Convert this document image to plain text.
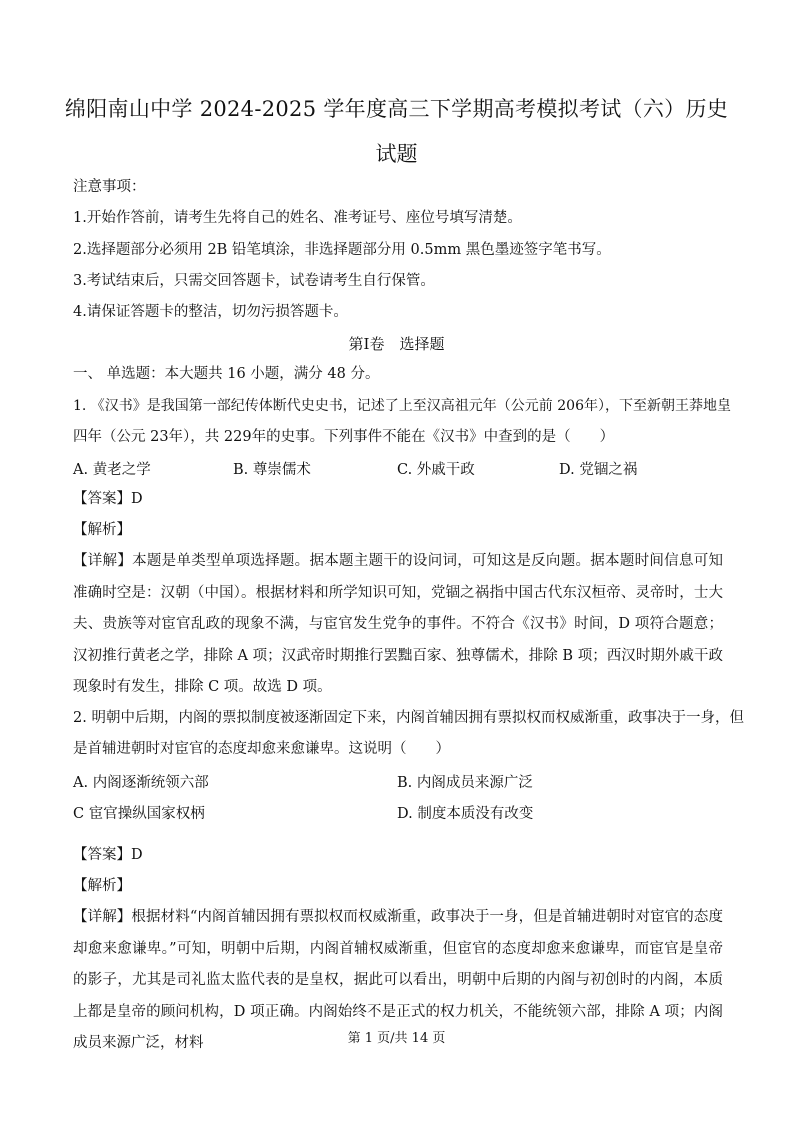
绵阳南山中学 2024-2025 学年度高三下学期高考模拟考试（六）历史
试题
注意事项：
1.开始作答前，请考生先将自己的姓名、准考证号、座位号填写清楚。
2.选择题部分必须用 2B 铅笔填涂，非选择题部分用 0.5mm 黑色墨迹签字笔书写。
3.考试结束后，只需交回答题卡，试卷请考生自行保管。
4.请保证答题卡的整洁，切勿污损答题卡。
第Ⅰ卷　选择题
一、 单选题：本大题共 16 小题，满分 48 分。
1. 《汉书》是我国第一部纪传体断代史史书，记述了上至汉高祖元年（公元前 206年），下至新朝王莽地皇
四年（公元 23年），共 229年的史事。下列事件不能在《汉书》中查到的是（　　）
A. 黄老之学	B. 尊崇儒术	C. 外戚干政	D. 党锢之祸
【答案】D
【解析】
【详解】本题是单类型单项选择题。据本题主题干的设问词，可知这是反向题。据本题时间信息可知准确时空是：汉朝（中国）。根据材料和所学知识可知，党锢之祸指中国古代东汉桓帝、灵帝时，士大夫、贵族等对宦官乱政的现象不满，与宦官发生党争的事件。不符合《汉书》时间，D 项符合题意；汉初推行黄老之学，排除 A 项；汉武帝时期推行罢黜百家、独尊儒术，排除 B 项；西汉时期外戚干政现象时有发生，排除 C 项。故选 D 项。
2. 明朝中后期，内阁的票拟制度被逐渐固定下来，内阁首辅因拥有票拟权而权威渐重，政事决于一身，但
是首辅进朝时对宦官的态度却愈来愈谦卑。这说明（　　）
A. 内阁逐渐统领六部	B. 内阁成员来源广泛
C 宦官操纵国家权柄	D. 制度本质没有改变
【答案】D
【解析】
【详解】根据材料“内阁首辅因拥有票拟权而权威渐重，政事决于一身，但是首辅进朝时对宦官的态度却愈来愈谦卑。”可知，明朝中后期，内阁首辅权威渐重，但宦官的态度却愈来愈谦卑，而宦官是皇帝的影子，尤其是司礼监太监代表的是皇权，据此可以看出，明朝中后期的内阁与初创时的内阁，本质上都是皇帝的顾问机构，D 项正确。内阁始终不是正式的权力机关，不能统领六部，排除 A 项；内阁成员来源广泛，材料	第 1 页/共 14 页
